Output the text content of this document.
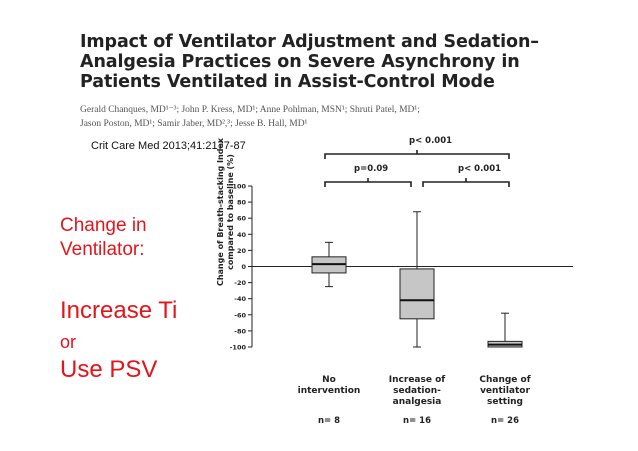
Impact of Ventilator Adjustment and Sedation–
Analgesia Practices on Severe Asynchrony in
Patients Ventilated in Assist-Control Mode
Gerald Chanques, MD¹⁻³; John P. Kress, MD¹; Anne Pohlman, MSN¹; Shruti Patel, MD¹;
Jason Poston, MD¹; Samir Jaber, MD²,³; Jesse B. Hall, MD¹
Crit Care Med 2013;41:2177-87
Change in
Ventilator:
Increase Ti
or
Use PSV
100
80
60
40
20
0
-20
-40
-60
-80
-100
Change of Breath-stacking Index compared to baseline (%)
p< 0.001
p=0.09	p< 0.001
No
intervention
Increase of
sedation-
analgesia
Change of
ventilator
setting
n= 8	n= 16	n= 26
